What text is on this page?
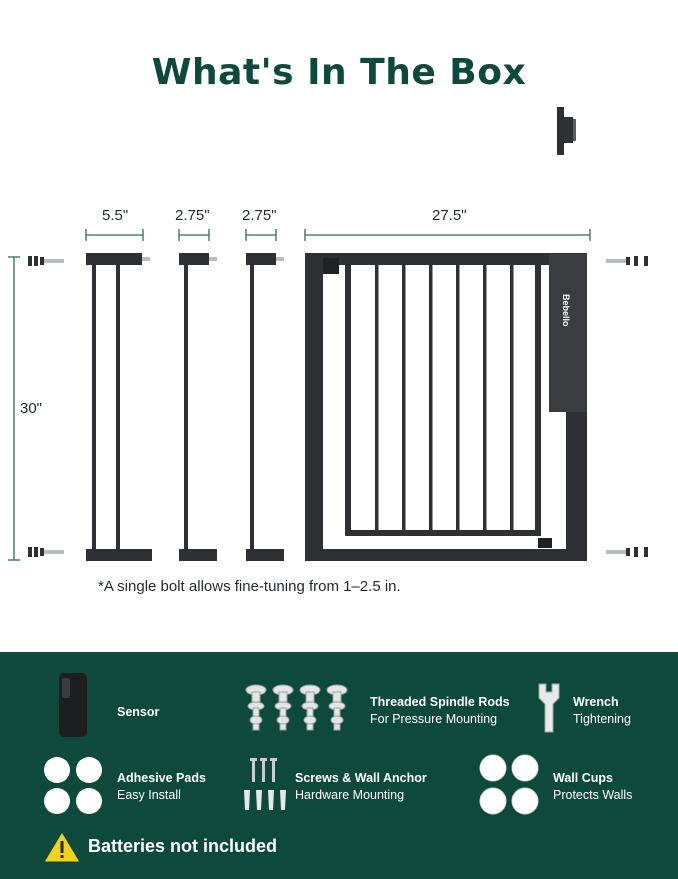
What's In The Box
5.5"	2.75" 2.75"	27.5"
30"
Bebello
*A single bolt allows fine-tuning from 1–2.5 in.
Sensor
Threaded Spindle Rods
For Pressure Mounting
Wrench
Tightening
Adhesive Pads
Easy Install
Screws & Wall Anchor
Hardware Mounting
Wall Cups
Protects Walls
Batteries not included
